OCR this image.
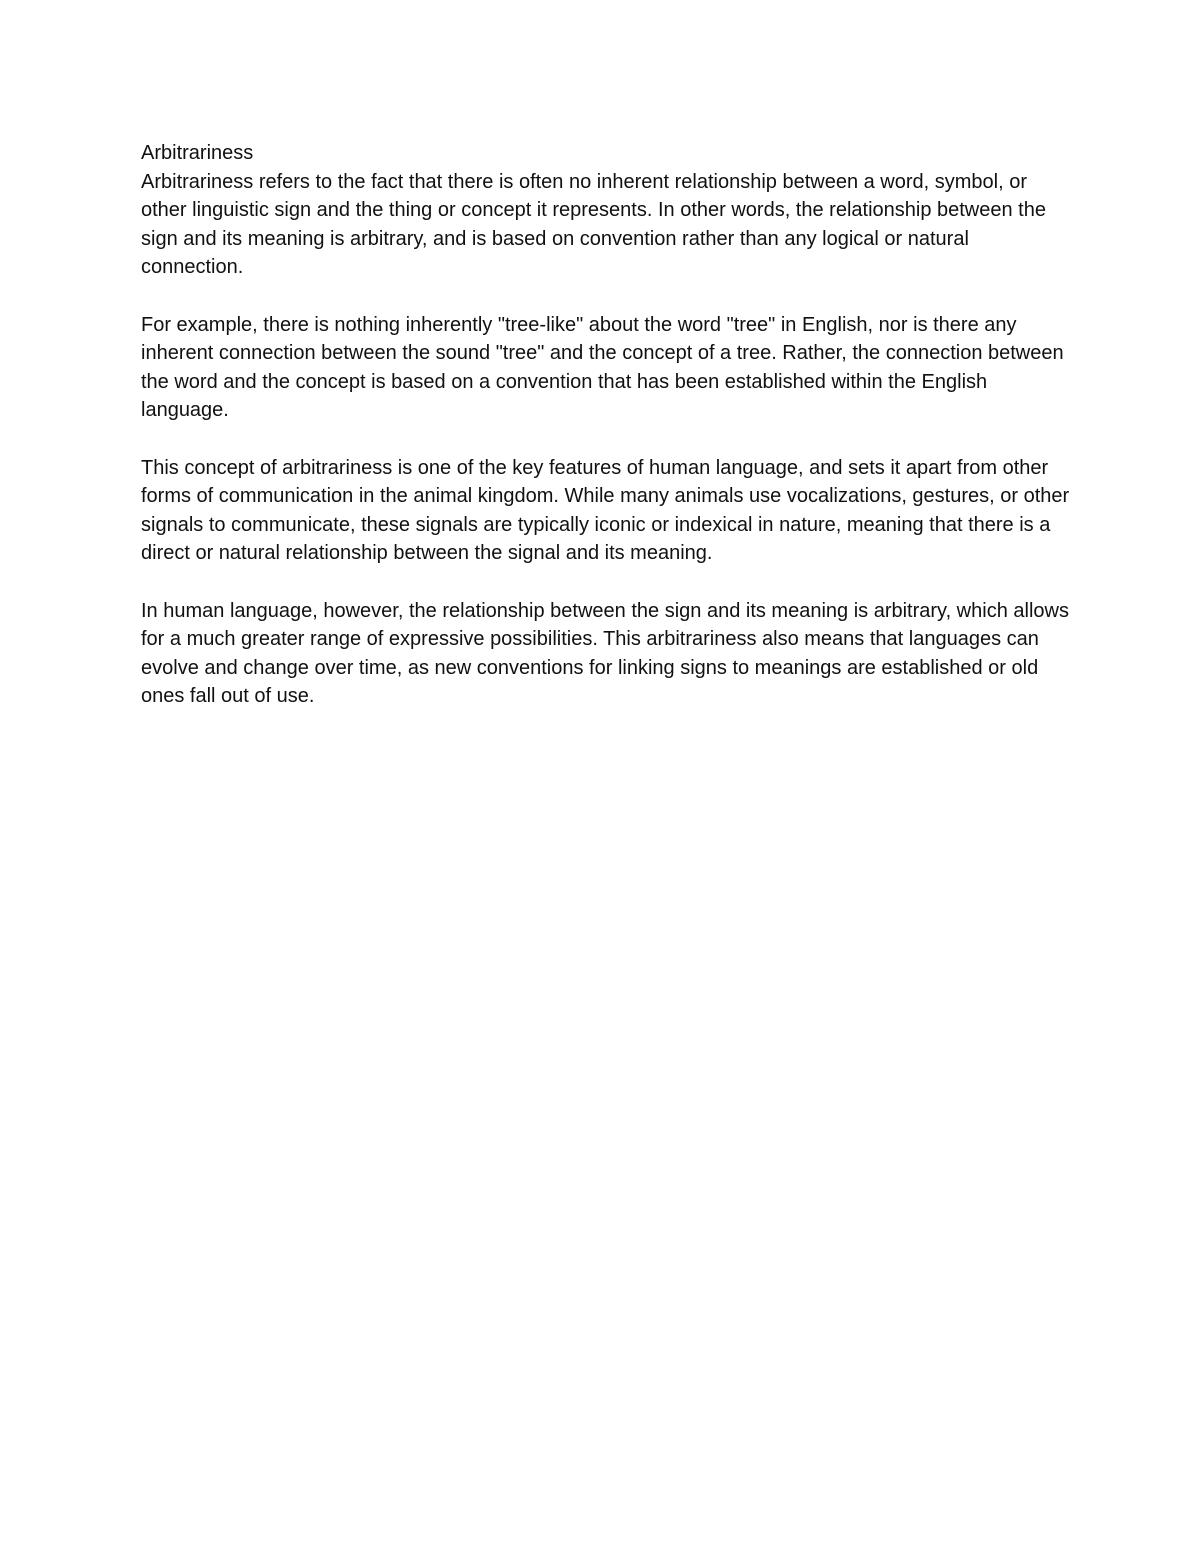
Arbitrariness

Arbitrariness refers to the fact that there is often no inherent relationship between a word, symbol, or other linguistic sign and the thing or concept it represents. In other words, the relationship between the sign and its meaning is arbitrary, and is based on convention rather than any logical or natural connection.

For example, there is nothing inherently "tree-like" about the word "tree" in English, nor is there any inherent connection between the sound "tree" and the concept of a tree. Rather, the connection between the word and the concept is based on a convention that has been established within the English language.

This concept of arbitrariness is one of the key features of human language, and sets it apart from other forms of communication in the animal kingdom. While many animals use vocalizations, gestures, or other signals to communicate, these signals are typically iconic or indexical in nature, meaning that there is a direct or natural relationship between the signal and its meaning.

In human language, however, the relationship between the sign and its meaning is arbitrary, which allows for a much greater range of expressive possibilities. This arbitrariness also means that languages can evolve and change over time, as new conventions for linking signs to meanings are established or old ones fall out of use.
